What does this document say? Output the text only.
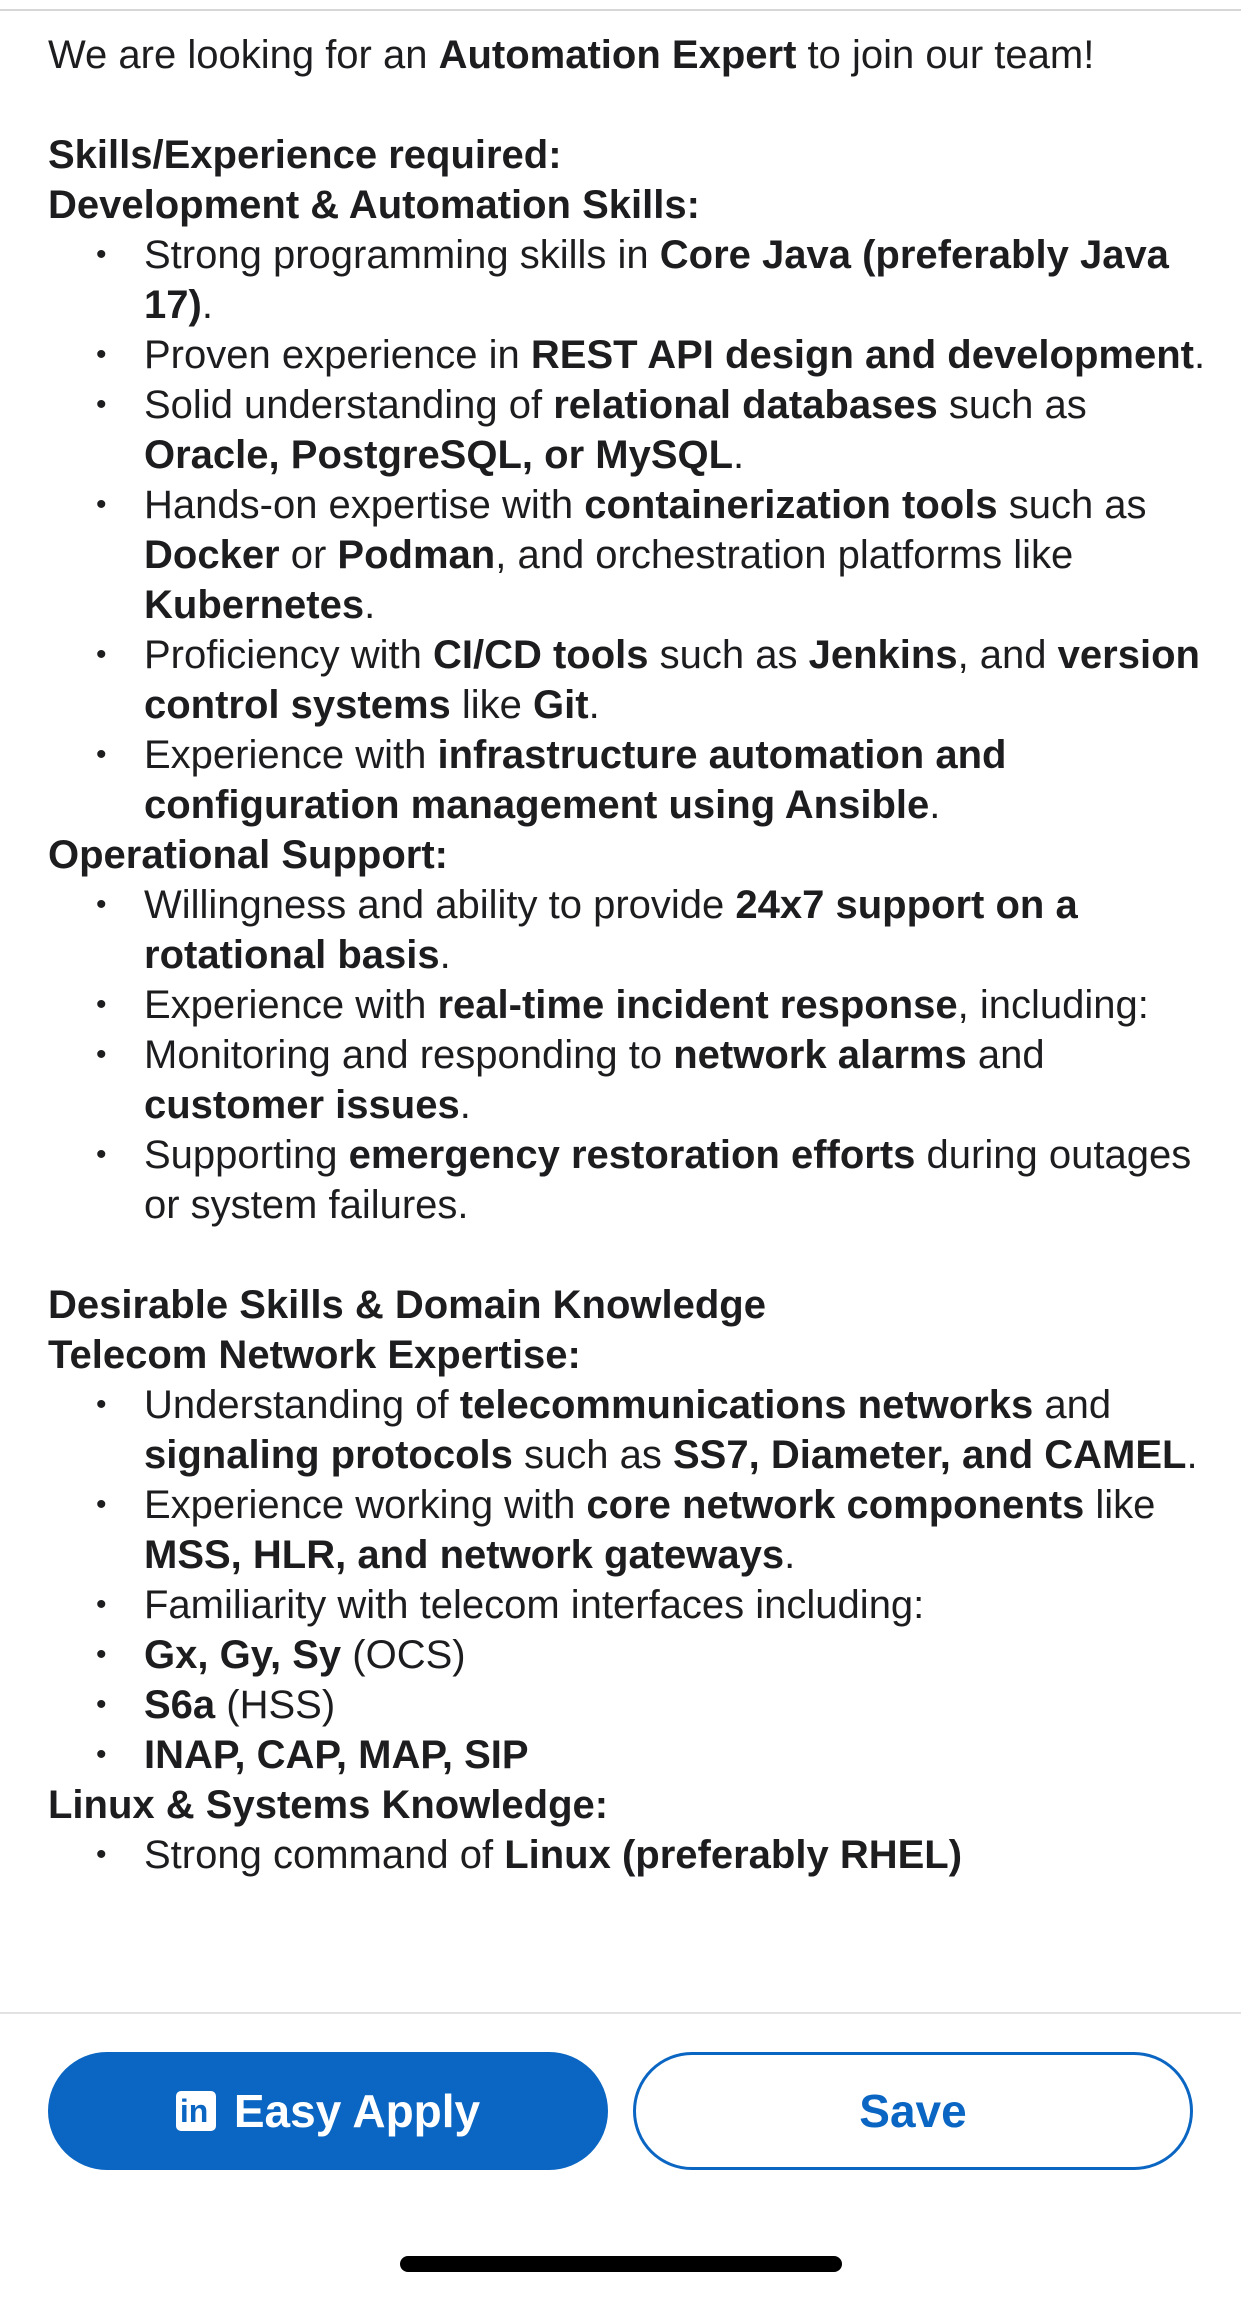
We are looking for an Automation Expert to join our team!

Skills/Experience required:

Development & Automation Skills:

• Strong programming skills in Core Java (preferably Java 17).
• Proven experience in REST API design and development.
• Solid understanding of relational databases such as Oracle, PostgreSQL, or MySQL.
• Hands-on expertise with containerization tools such as Docker or Podman, and orchestration platforms like Kubernetes.
• Proficiency with CI/CD tools such as Jenkins, and version control systems like Git.
• Experience with infrastructure automation and configuration management using Ansible.

Operational Support:

• Willingness and ability to provide 24x7 support on a rotational basis.
• Experience with real-time incident response, including:
• Monitoring and responding to network alarms and customer issues.
• Supporting emergency restoration efforts during outages or system failures.

Desirable Skills & Domain Knowledge

Telecom Network Expertise:

• Understanding of telecommunications networks and signaling protocols such as SS7, Diameter, and CAMEL.
• Experience working with core network components like MSS, HLR, and network gateways.
• Familiarity with telecom interfaces including:
• Gx, Gy, Sy (OCS)
• S6a (HSS)
• INAP, CAP, MAP, SIP

Linux & Systems Knowledge:

• Strong command of Linux (preferably RHEL)
in Easy Apply	Save
